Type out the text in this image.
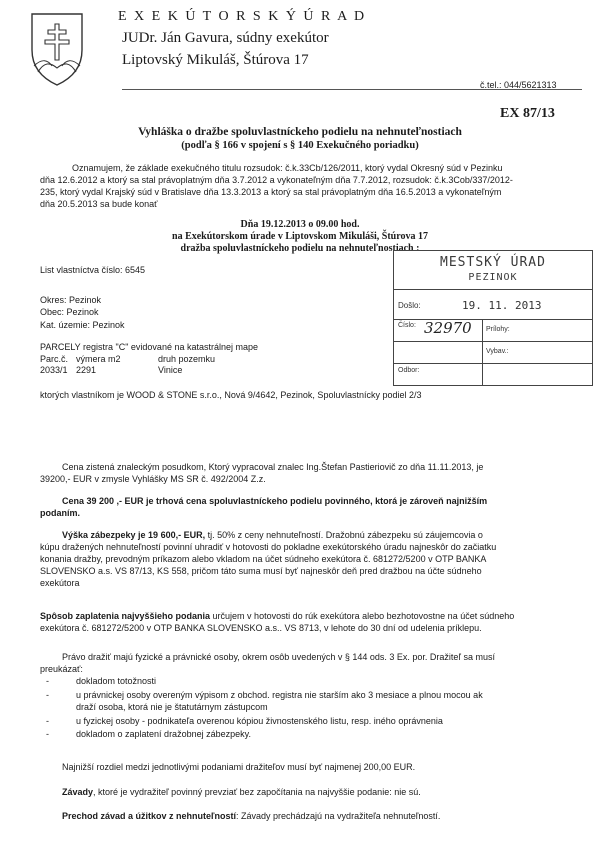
E X E K Ú T O R S K Ý Ú R A D
JUDr. Ján Gavura, súdny exekútor
Liptovský Mikuláš, Štúrova 17
č.tel.: 044/5621313
EX 87/13
Vyhláška o dražbe spoluvlastníckeho podielu na nehnuteľnostiach
(podľa § 166 v spojení s § 140 Exekučného poriadku)
Oznamujem, že základe exekučného titulu rozsudok: č.k.33Cb/126/2011, ktorý vydal Okresný súd v Pezinku
dňa 12.6.2012 a ktorý sa stal právoplatným dňa 3.7.2012 a vykonateľným dňa 7.7.2012, rozsudok: č.k.3Cob/337/2012-
235, ktorý vydal Krajský súd v Bratislave dňa 13.3.2013 a ktorý sa stal právoplatným dňa 16.5.2013 a vykonateľným
dňa 20.5.2013 sa bude konať
Dňa 19.12.2013 o 09.00 hod.
na Exekútorskom úrade v Liptovskom Mikuláši, Štúrova 17
dražba spoluvlastníckeho podielu na nehnuteľnostiach :
List vlastníctva číslo: 6545
Okres: Pezinok
Obec: Pezinok
Kat. územie: Pezinok
PARCELY registra "C" evidované na katastrálnej mape
Parc.č. výmera m2	druh pozemku
2033/1 2291	Vinice
ktorých vlastníkom je WOOD & STONE s.r.o., Nová 9/4642, Pezinok, Spoluvlastnícky podiel 2/3
MESTSKÝ ÚRAD
PEZINOK
Došlo:	19. 11. 2013
Číslo: 32970 Prílohy:
Vybav.:
Odbor:
Cena zistená znaleckým posudkom, Ktorý vypracoval znalec Ing.Štefan Pastieriovič zo dňa 11.11.2013, je
39200,- EUR v zmysle Vyhlášky MS SR č. 492/2004 Z.z.
Cena 39 200 ,- EUR je trhová cena spoluvlastníckeho podielu povinného, ktorá je zároveň najnižším
podaním.
Výška zábezpeky je 19 600,- EUR, tj. 50% z ceny nehnuteľností. Dražobnú zábezpeku sú záujemcovia o
kúpu dražených nehnuteľností povinní uhradiť v hotovosti do pokladne exekútorského úradu najneskôr do začiatku
konania dražby, prevodným príkazom alebo vkladom na účet súdneho exekútora č. 681272/5200 v OTP BANKA
SLOVENSKO a.s. VS 87/13, KS 558, pričom táto suma musí byť najneskôr deň pred dražbou na účte súdneho
exekútora
Spôsob zaplatenia najvyššieho podania určujem v hotovosti do rúk exekútora alebo bezhotovostne na účet súdneho
exekútora č. 681272/5200 v OTP BANKA SLOVENSKO a.s.. VS 8713, v lehote do 30 dní od udelenia príklepu.
Právo dražiť majú fyzické a právnické osoby, okrem osôb uvedených v § 144 ods. 3 Ex. por. Dražiteľ sa musí
preukázať:
-	dokladom totožnosti
-	u právnickej osoby overeným výpisom z obchod. registra nie starším ako 3 mesiace a plnou mocou ak
draží osoba, ktorá nie je štatutárnym zástupcom
-	u fyzickej osoby - podnikateľa overenou kópiou živnostenského listu, resp. iného oprávnenia
-	dokladom o zaplatení dražobnej zábezpeky.
Najnižší rozdiel medzi jednotlivými podaniami dražiteľov musí byť najmenej 200,00 EUR.
Závady, ktoré je vydražiteľ povinný prevziať bez započítania na najvyššie podanie: nie sú.
Prechod závad a úžitkov z nehnuteľností: Závady prechádzajú na vydražiteľa nehnuteľností.
